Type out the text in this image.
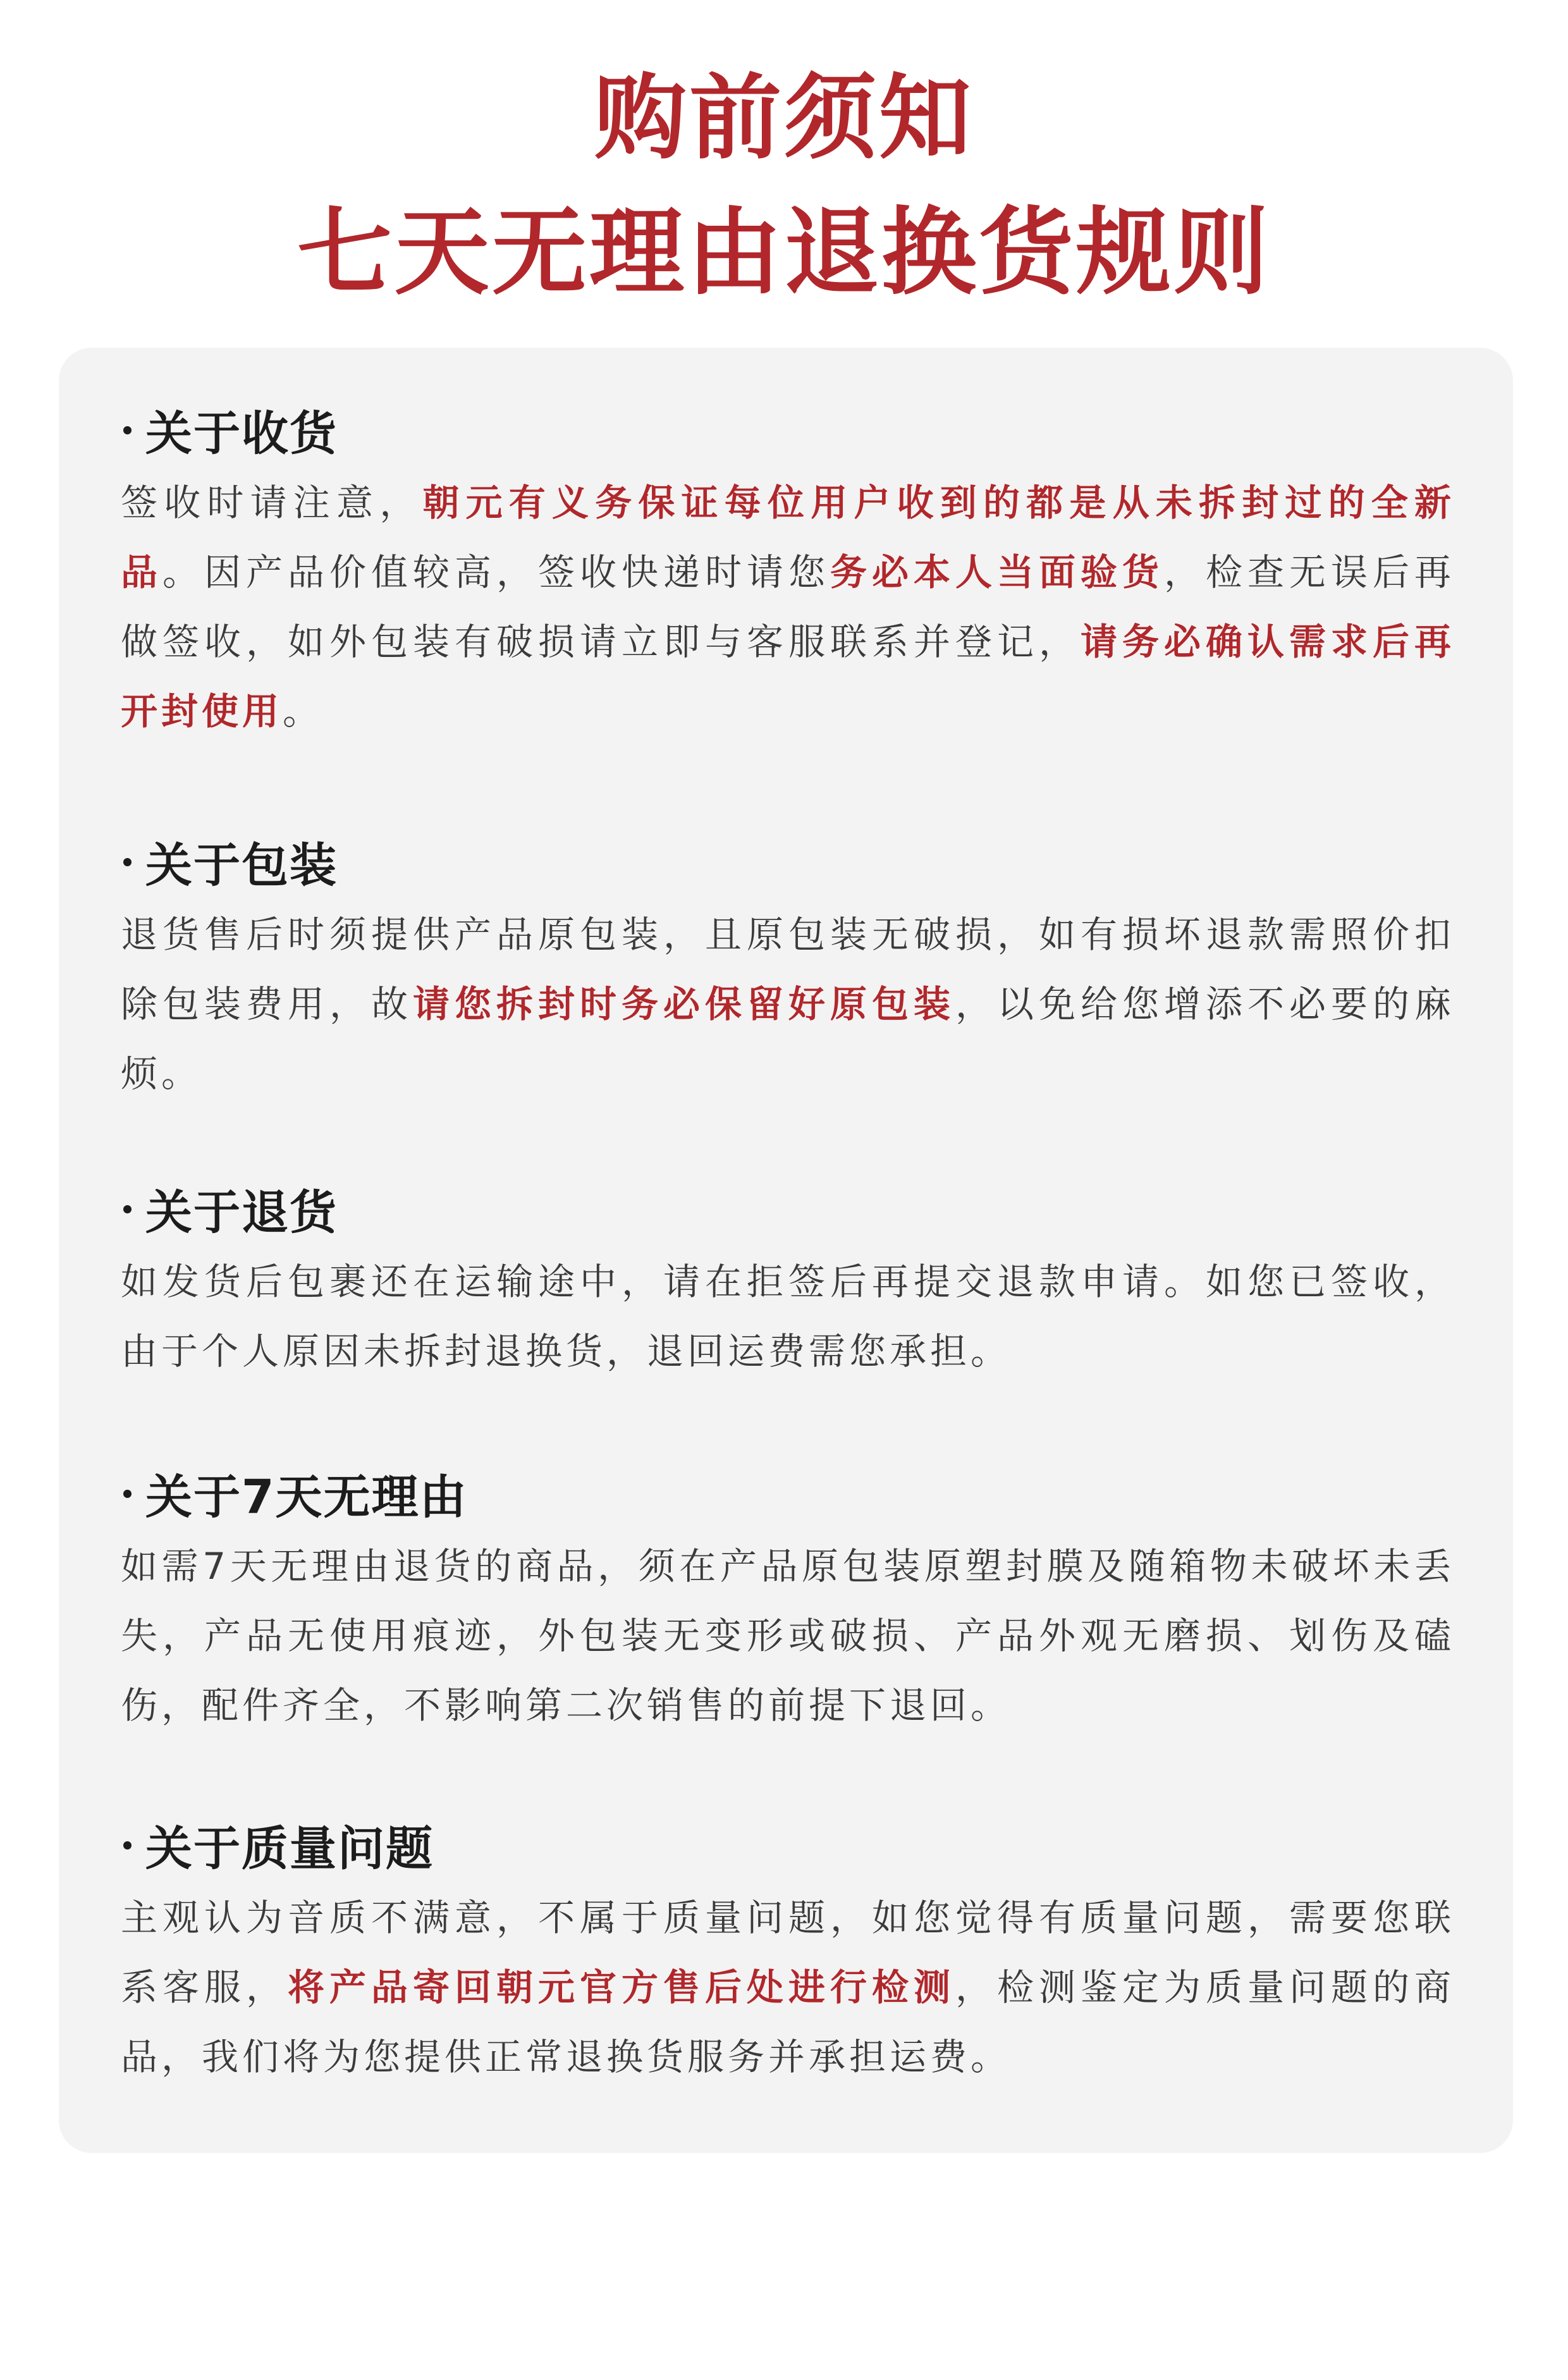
购前须知
七天无理由退换货规则
关于收货

签收时请注意，朝元有义务保证每位用户收到的都是从未拆封过的全新品。因产品价值较高，签收快递时请您务必本人当面验货，检查无误后再做签收，如外包装有破损请立即与客服联系并登记，请务必确认需求后再开封使用。

关于包装

退货售后时须提供产品原包装，且原包装无破损，如有损坏退款需照价扣除包装费用，故请您拆封时务必保留好原包装，以免给您增添不必要的麻烦。

关于退货

如发货后包裹还在运输途中，请在拒签后再提交退款申请。如您已签收，由于个人原因未拆封退换货，退回运费需您承担。

关于7天无理由

如需7天无理由退货的商品，须在产品原包装原塑封膜及随箱物未破坏未丢失，产品无使用痕迹，外包装无变形或破损、产品外观无磨损、划伤及磕伤，配件齐全，不影响第二次销售的前提下退回。

关于质量问题

主观认为音质不满意，不属于质量问题，如您觉得有质量问题，需要您联系客服，将产品寄回朝元官方售后处进行检测，检测鉴定为质量问题的商品，我们将为您提供正常退换货服务并承担运费。
